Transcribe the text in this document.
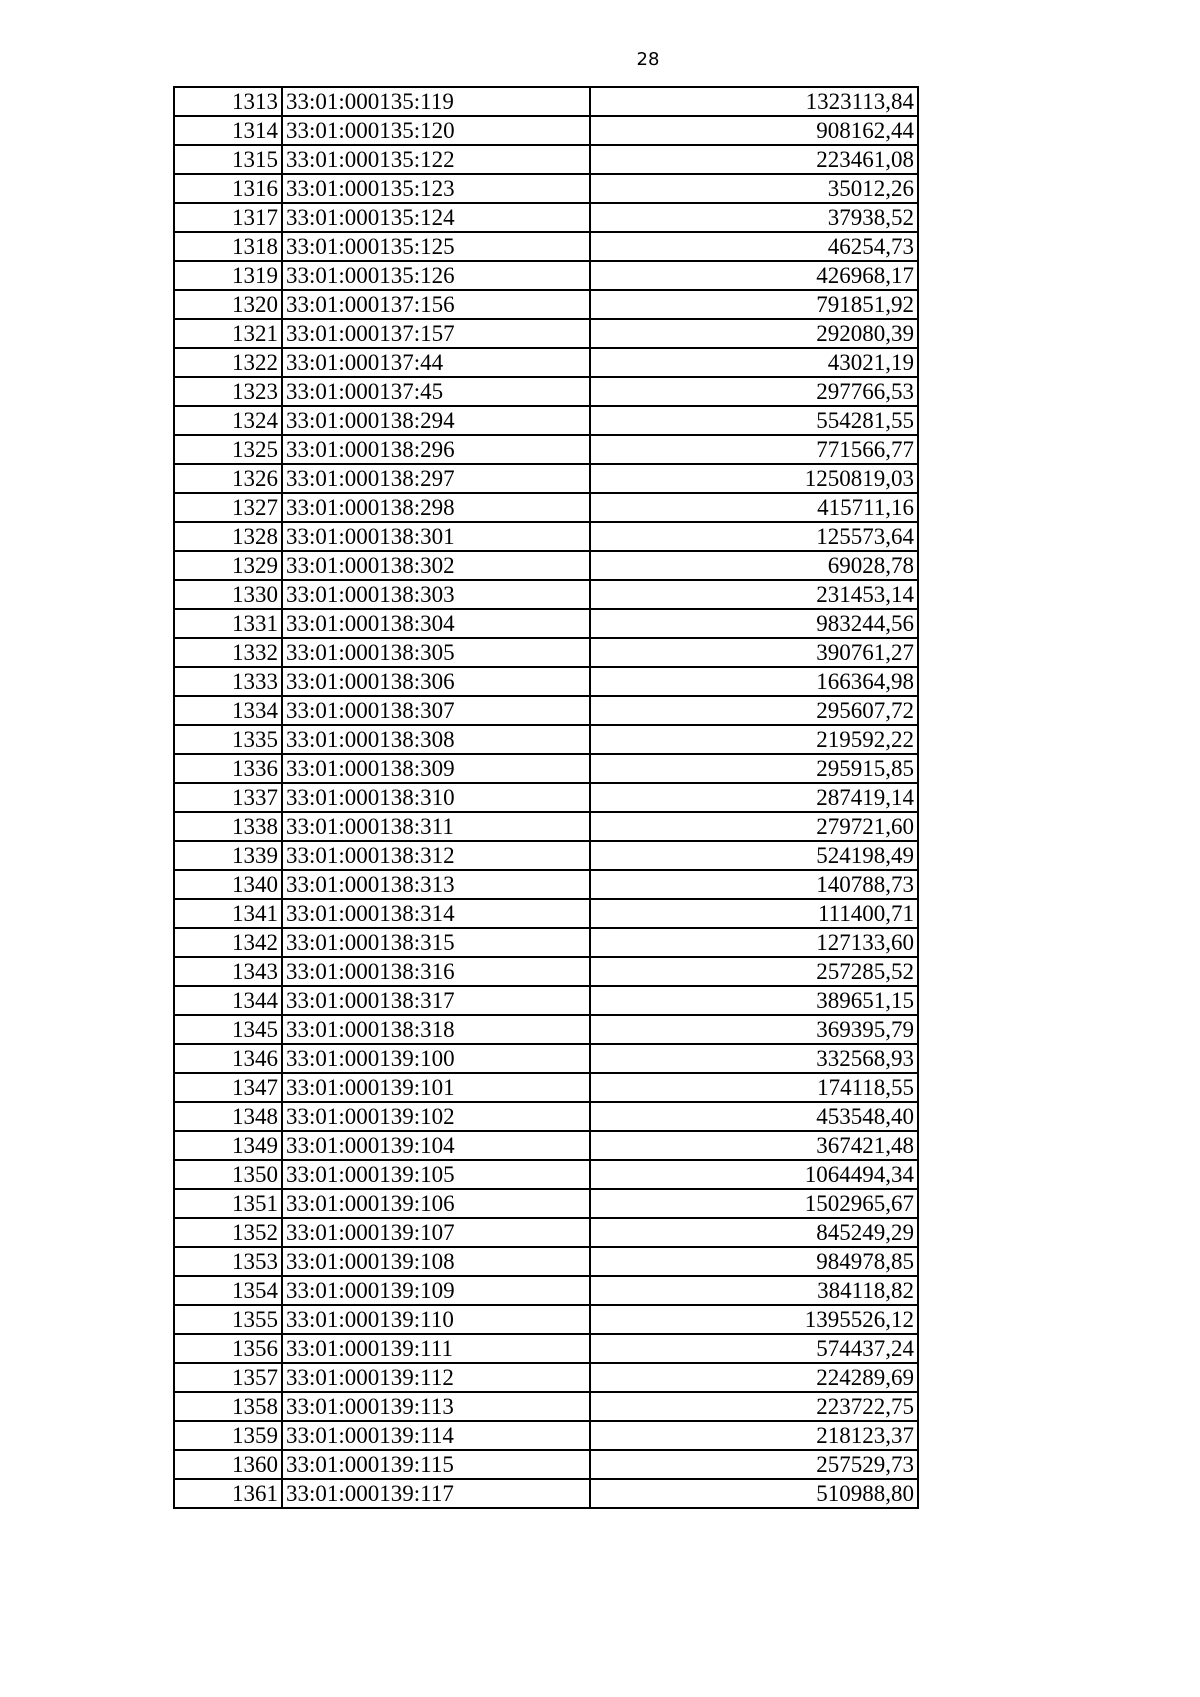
28
1313	33:01:000135:119	1323113,84
1314	33:01:000135:120	908162,44
1315	33:01:000135:122	223461,08
1316	33:01:000135:123	35012,26
1317	33:01:000135:124	37938,52
1318	33:01:000135:125	46254,73
1319	33:01:000135:126	426968,17
1320	33:01:000137:156	791851,92
1321	33:01:000137:157	292080,39
1322	33:01:000137:44	43021,19
1323	33:01:000137:45	297766,53
1324	33:01:000138:294	554281,55
1325	33:01:000138:296	771566,77
1326	33:01:000138:297	1250819,03
1327	33:01:000138:298	415711,16
1328	33:01:000138:301	125573,64
1329	33:01:000138:302	69028,78
1330	33:01:000138:303	231453,14
1331	33:01:000138:304	983244,56
1332	33:01:000138:305	390761,27
1333	33:01:000138:306	166364,98
1334	33:01:000138:307	295607,72
1335	33:01:000138:308	219592,22
1336	33:01:000138:309	295915,85
1337	33:01:000138:310	287419,14
1338	33:01:000138:311	279721,60
1339	33:01:000138:312	524198,49
1340	33:01:000138:313	140788,73
1341	33:01:000138:314	111400,71
1342	33:01:000138:315	127133,60
1343	33:01:000138:316	257285,52
1344	33:01:000138:317	389651,15
1345	33:01:000138:318	369395,79
1346	33:01:000139:100	332568,93
1347	33:01:000139:101	174118,55
1348	33:01:000139:102	453548,40
1349	33:01:000139:104	367421,48
1350	33:01:000139:105	1064494,34
1351	33:01:000139:106	1502965,67
1352	33:01:000139:107	845249,29
1353	33:01:000139:108	984978,85
1354	33:01:000139:109	384118,82
1355	33:01:000139:110	1395526,12
1356	33:01:000139:111	574437,24
1357	33:01:000139:112	224289,69
1358	33:01:000139:113	223722,75
1359	33:01:000139:114	218123,37
1360	33:01:000139:115	257529,73
1361	33:01:000139:117	510988,80
